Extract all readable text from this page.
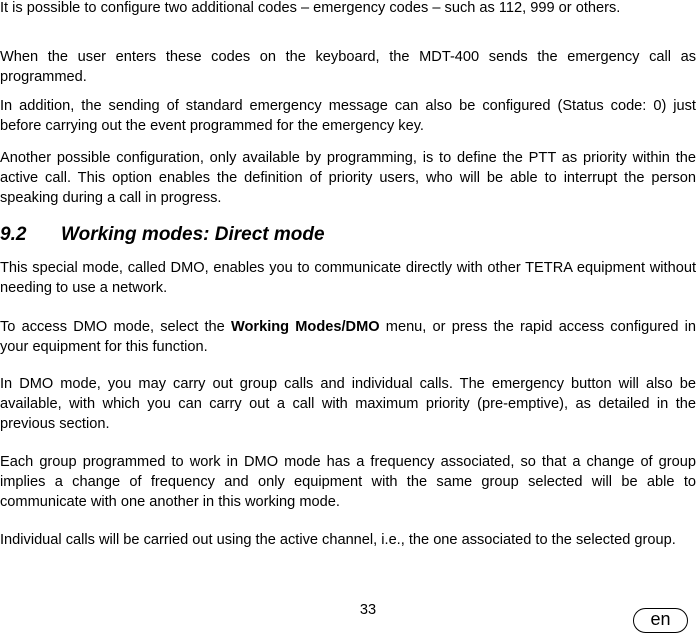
It is possible to configure two additional codes – emergency codes – such as 112, 999 or others.

When the user enters these codes on the keyboard, the MDT-400 sends the emergency call as programmed.

In addition, the sending of standard emergency message can also be configured (Status code: 0) just before carrying out the event programmed for the emergency key.

Another possible configuration, only available by programming, is to define the PTT as priority within the active call. This option enables the definition of priority users, who will be able to interrupt the person speaking during a call in progress.

9.2 Working modes: Direct mode

This special mode, called DMO, enables you to communicate directly with other TETRA equipment without needing to use a network.

To access DMO mode, select the Working Modes/DMO menu, or press the rapid access configured in your equipment for this function.

In DMO mode, you may carry out group calls and individual calls. The emergency button will also be available, with which you can carry out a call with maximum priority (pre-emptive), as detailed in the previous section.

Each group programmed to work in DMO mode has a frequency associated, so that a change of group implies a change of frequency and only equipment with the same group selected will be able to communicate with one another in this working mode.

Individual calls will be carried out using the active channel, i.e., the one associated to the selected group.

33	en
